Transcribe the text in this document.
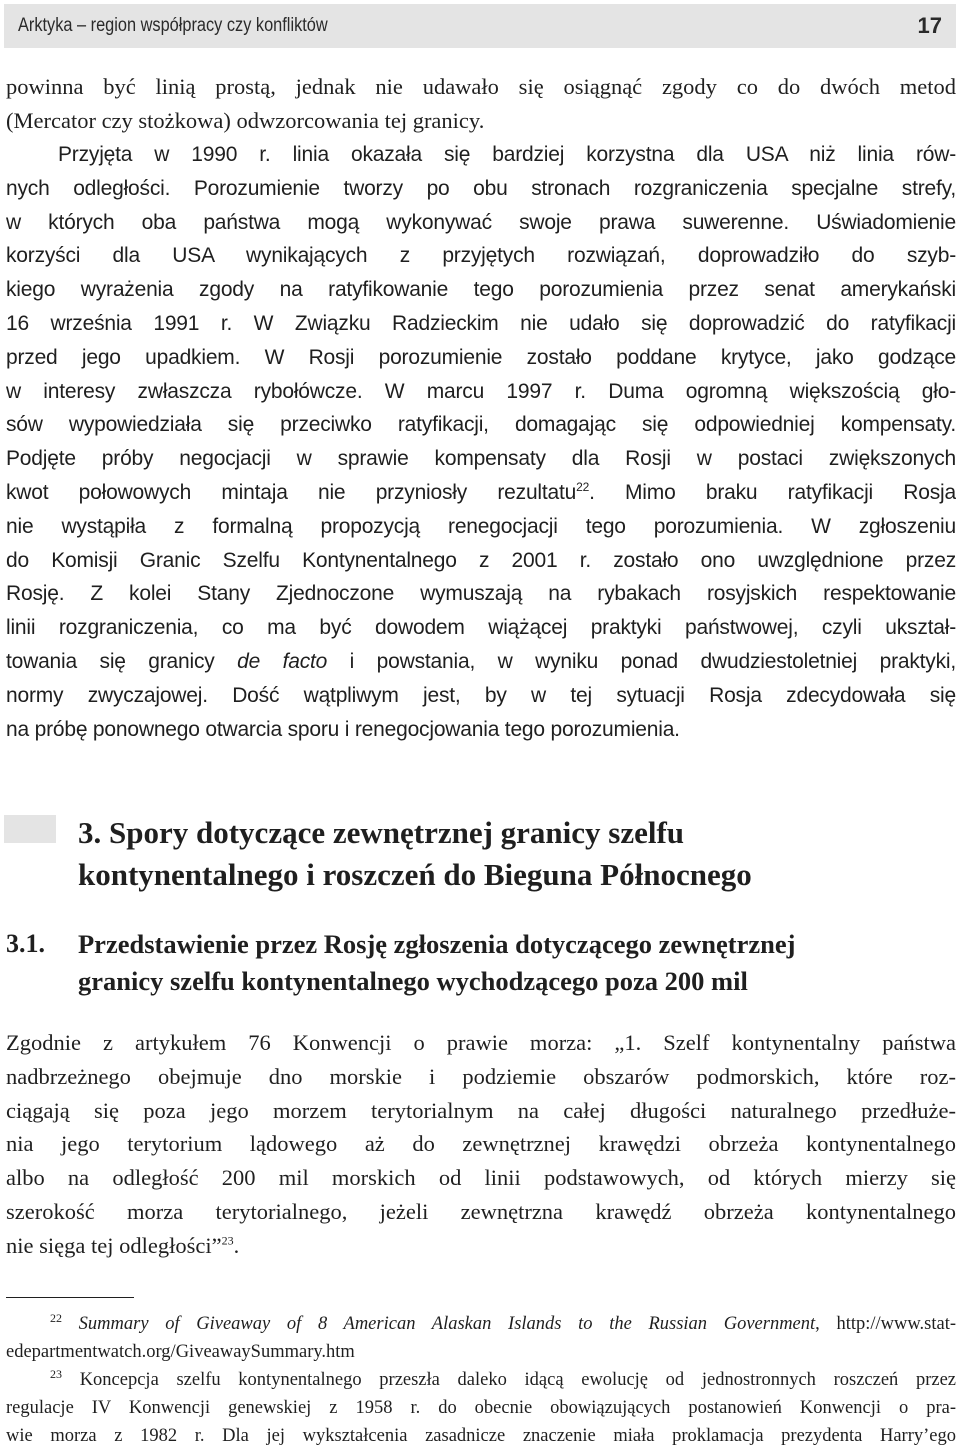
Arktyka – region współpracy czy konfliktów	17
powinna być linią prostą, jednak nie udawało się osiągnąć zgody co do dwóch metod
(Mercator czy stożkowa) odwzorcowania tej granicy.
Przyjęta w 1990 r. linia okazała się bardziej korzystna dla USA niż linia rów-
nych odległości. Porozumienie tworzy po obu stronach rozgraniczenia specjalne strefy,
w których oba państwa mogą wykonywać swoje prawa suwerenne. Uświadomienie
korzyści dla USA wynikających z przyjętych rozwiązań, doprowadziło do szyb-
kiego wyrażenia zgody na ratyfikowanie tego porozumienia przez senat amerykański
16 września 1991 r. W Związku Radzieckim nie udało się doprowadzić do ratyfikacji
przed jego upadkiem. W Rosji porozumienie zostało poddane krytyce, jako godzące
w interesy zwłaszcza rybołówcze. W marcu 1997 r. Duma ogromną większością gło-
sów wypowiedziała się przeciwko ratyfikacji, domagając się odpowiedniej kompensaty.
Podjęte próby negocjacji w sprawie kompensaty dla Rosji w postaci zwiększonych
kwot połowowych mintaja nie przyniosły rezultatu$^{22}$. Mimo braku ratyfikacji Rosja
nie wystąpiła z formalną propozycją renegocjacji tego porozumienia. W zgłoszeniu
do Komisji Granic Szelfu Kontynentalnego z 2001 r. zostało ono uwzględnione przez
Rosję. Z kolei Stany Zjednoczone wymuszają na rybakach rosyjskich respektowanie
linii rozgraniczenia, co ma być dowodem wiążącej praktyki państwowej, czyli ukształ-
towania się granicy de facto i powstania, w wyniku ponad dwudziestoletniej praktyki,
normy zwyczajowej. Dość wątpliwym jest, by w tej sytuacji Rosja zdecydowała się
na próbę ponownego otwarcia sporu i renegocjowania tego porozumienia.
3. Spory dotyczące zewnętrznej granicy szelfu
kontynentalnego i roszczeń do Bieguna Północnego
3.1. Przedstawienie przez Rosję zgłoszenia dotyczącego zewnętrznej
granicy szelfu kontynentalnego wychodzącego poza 200 mil
Zgodnie z artykułem 76 Konwencji o prawie morza: „1. Szelf kontynentalny państwa
nadbrzeżnego obejmuje dno morskie i podziemie obszarów podmorskich, które roz-
ciągają się poza jego morzem terytorialnym na całej długości naturalnego przedłuże-
nia jego terytorium lądowego aż do zewnętrznej krawędzi obrzeża kontynentalnego
albo na odległość 200 mil morskich od linii podstawowych, od których mierzy się
szerokość morza terytorialnego, jeżeli zewnętrzna krawędź obrzeża kontynentalnego
nie sięga tej odległości”$^{23}$.
$^{22}$ Summary of Giveaway of 8 American Alaskan Islands to the Russian Government, http://www.stat-
edepartmentwatch.org/GiveawaySummary.htm
$^{23}$ Koncepcja szelfu kontynentalnego przeszła daleko idącą ewolucję od jednostronnych roszczeń przez
regulacje IV Konwencji genewskiej z 1958 r. do obecnie obowiązujących postanowień Konwencji o pra-
wie morza z 1982 r. Dla jej wykształcenia zasadnicze znaczenie miała proklamacja prezydenta Harry’ego
